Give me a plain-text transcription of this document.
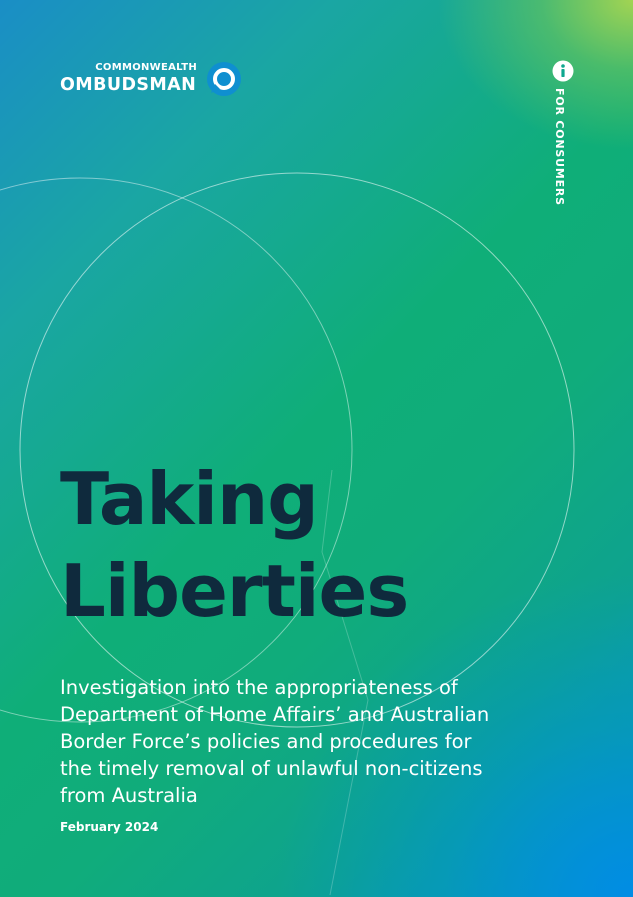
COMMONWEALTH
OMBUDSMAN
FOR CONSUMERS
Taking
Liberties

Investigation into the appropriateness of Department of Home Affairs’ and Australian Border Force’s policies and procedures for the timely removal of unlawful non-citizens from Australia

February 2024
